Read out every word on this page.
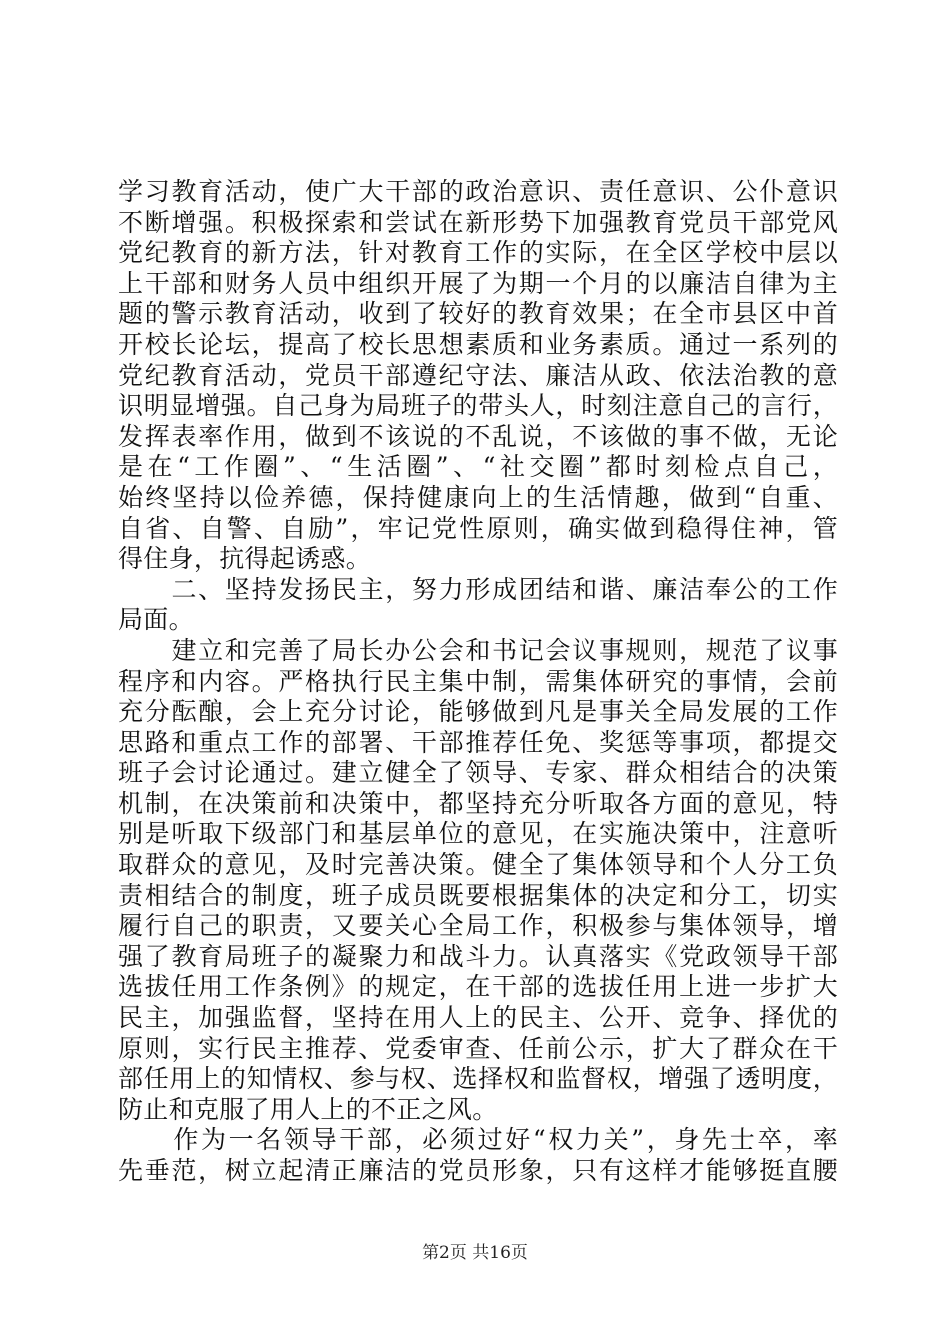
学习教育活动，使广大干部的政治意识、责任意识、公仆意识
不断增强。积极探索和尝试在新形势下加强教育党员干部党风
党纪教育的新方法，针对教育工作的实际，在全区学校中层以
上干部和财务人员中组织开展了为期一个月的以廉洁自律为主
题的警示教育活动，收到了较好的教育效果；在全市县区中首
开校长论坛，提高了校长思想素质和业务素质。通过一系列的
党纪教育活动，党员干部遵纪守法、廉洁从政、依法治教的意
识明显增强。自己身为局班子的带头人，时刻注意自己的言行，
发挥表率作用，做到不该说的不乱说，不该做的事不做，无论
是在“工作圈”、“生活圈”、“社交圈”都时刻检点自己，
始终坚持以俭养德，保持健康向上的生活情趣，做到“自重、
自省、自警、自励”，牢记党性原则，确实做到稳得住神，管
得住身，抗得起诱惑。
　　二、坚持发扬民主，努力形成团结和谐、廉洁奉公的工作
局面。
　　建立和完善了局长办公会和书记会议事规则，规范了议事
程序和内容。严格执行民主集中制，需集体研究的事情，会前
充分酝酿，会上充分讨论，能够做到凡是事关全局发展的工作
思路和重点工作的部署、干部推荐任免、奖惩等事项，都提交
班子会讨论通过。建立健全了领导、专家、群众相结合的决策
机制，在决策前和决策中，都坚持充分听取各方面的意见，特
别是听取下级部门和基层单位的意见，在实施决策中，注意听
取群众的意见，及时完善决策。健全了集体领导和个人分工负
责相结合的制度，班子成员既要根据集体的决定和分工，切实
履行自己的职责，又要关心全局工作，积极参与集体领导，增
强了教育局班子的凝聚力和战斗力。认真落实《党政领导干部
选拔任用工作条例》的规定，在干部的选拔任用上进一步扩大
民主，加强监督，坚持在用人上的民主、公开、竞争、择优的
原则，实行民主推荐、党委审查、任前公示，扩大了群众在干
部任用上的知情权、参与权、选择权和监督权，增强了透明度，
防止和克服了用人上的不正之风。
　　作为一名领导干部，必须过好“权力关”，身先士卒，率
先垂范，树立起清正廉洁的党员形象，只有这样才能够挺直腰
第2页 共16页
